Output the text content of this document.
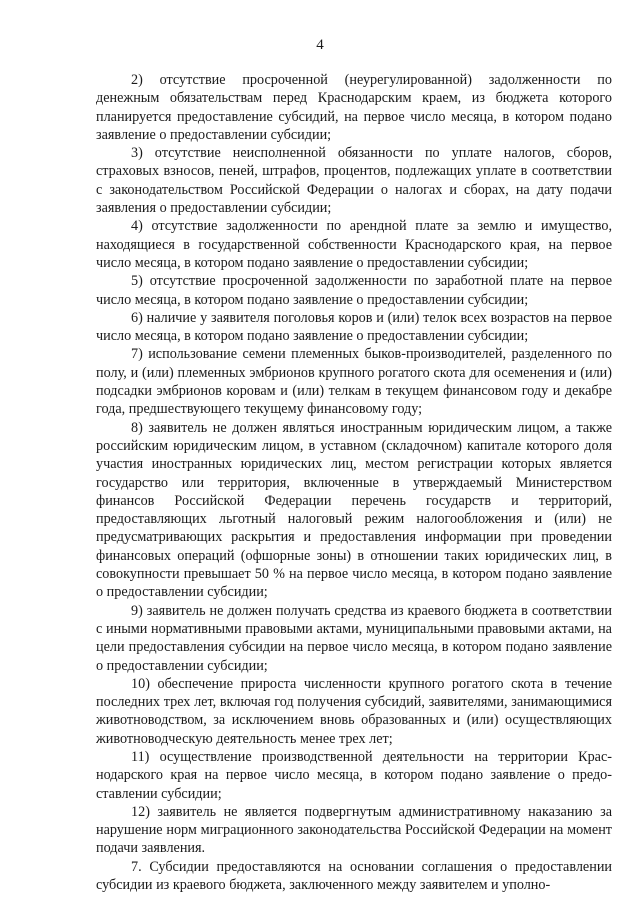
4

2) отсутствие просроченной (неурегулированной) задолженности по денежным обязательствам перед Краснодарским краем, из бюджета которого планируется предоставление субсидий, на первое число месяца, в котором подано заявление о предоставлении субсидии;

3) отсутствие неисполненной обязанности по уплате налогов, сборов, страховых взносов, пеней, штрафов, процентов, подлежащих уплате в соответствии с законодательством Российской Федерации о налогах и сборах, на дату подачи заявления о предоставлении субсидии;

4) отсутствие задолженности по арендной плате за землю и имущество, находящиеся в государственной собственности Краснодарского края, на первое число месяца, в котором подано заявление о предоставлении субсидии;

5) отсутствие просроченной задолженности по заработной плате на первое число месяца, в котором подано заявление о предоставлении субсидии;

6) наличие у заявителя поголовья коров и (или) телок всех возрастов на первое число месяца, в котором подано заявление о предоставлении субсидии;

7) использование семени племенных быков-производителей, разделенного по полу, и (или) племенных эмбрионов крупного рогатого скота для осеменения и (или) подсадки эмбрионов коровам и (или) телкам в текущем финансовом году и декабре года, предшествующего текущему финансовому году;

8) заявитель не должен являться иностранным юридическим лицом, а также российским юридическим лицом, в уставном (складочном) капитале которого доля участия иностранных юридических лиц, местом регистрации которых является государство или территория, включенные в утверждаемый Министерством финансов Российской Федерации перечень государств и территорий, предоставляющих льготный налоговый режим налогообложения и (или) не предусматривающих раскрытия и предоставления информации при проведении финансовых операций (офшорные зоны) в отношении таких юридических лиц, в совокупности превышает 50 % на первое число месяца, в котором подано заявление о предоставлении субсидии;

9) заявитель не должен получать средства из краевого бюджета в соответствии с иными нормативными правовыми актами, муниципальными правовыми актами, на цели предоставления субсидии на первое число месяца, в котором подано заявление о предоставлении субсидии;

10) обеспечение прироста численности крупного рогатого скота в течение последних трех лет, включая год получения субсидий, заявителями, занимающимися животноводством, за исключением вновь образованных и (или) осуществляющих животноводческую деятельность менее трех лет;

11) осуществление производственной деятельности на территории Краснодарского края на первое число месяца, в котором подано заявление о предоставлении субсидии;

12) заявитель не является подвергнутым административному наказанию за нарушение норм миграционного законодательства Российской Федерации на момент подачи заявления.

7. Субсидии предоставляются на основании соглашения о предоставлении субсидии из краевого бюджета, заключенного между заявителем и уполно-
